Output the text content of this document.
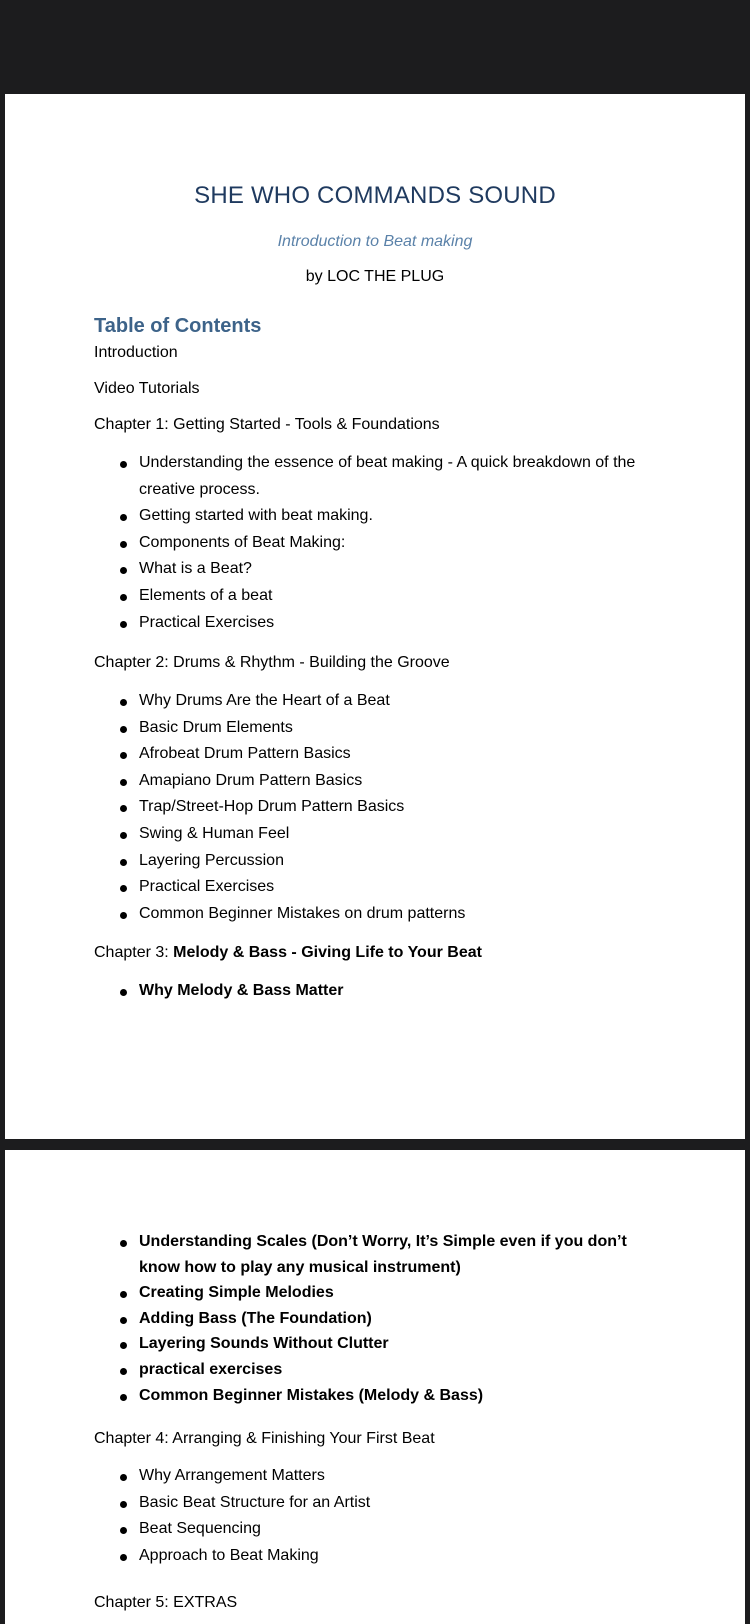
SHE WHO COMMANDS SOUND
Introduction to Beat making
by LOC THE PLUG
Table of Contents
Introduction
Video Tutorials
Chapter 1: Getting Started - Tools & Foundations
Understanding the essence of beat making - A quick breakdown of the creative process.
Getting started with beat making.
Components of Beat Making:
What is a Beat?
Elements of a beat
Practical Exercises
Chapter 2: Drums & Rhythm - Building the Groove
Why Drums Are the Heart of a Beat
Basic Drum Elements
Afrobeat Drum Pattern Basics
Amapiano Drum Pattern Basics
Trap/Street-Hop Drum Pattern Basics
Swing & Human Feel
Layering Percussion
Practical Exercises
Common Beginner Mistakes on drum patterns
Chapter 3: Melody & Bass - Giving Life to Your Beat
Why Melody & Bass Matter
Understanding Scales (Don’t Worry, It’s Simple even if you don’t know how to play any musical instrument)
Creating Simple Melodies
Adding Bass (The Foundation)
Layering Sounds Without Clutter
practical exercises
Common Beginner Mistakes (Melody & Bass)
Chapter 4: Arranging & Finishing Your First Beat
Why Arrangement Matters
Basic Beat Structure for an Artist
Beat Sequencing
Approach to Beat Making
Chapter 5: EXTRAS
